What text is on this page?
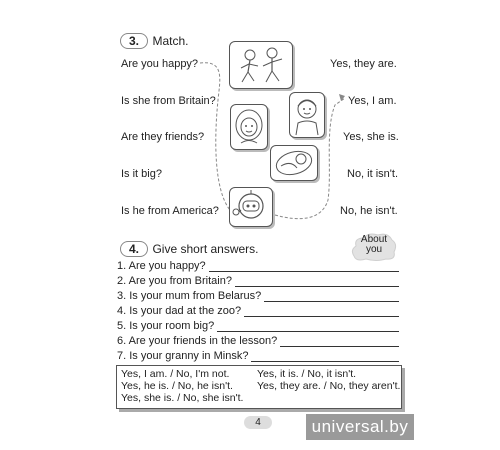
3. Match.
Are you happy?
Is she from Britain?
Are they friends?
Is it big?
Is he from America?
Yes, they are.
Yes, I am.
Yes, she is.
No, it isn't.
No, he isn't.
4. Give short answers.
About
you
1. Are you happy?
2. Are you from Britain?
3. Is your mum from Belarus?
4. Is your dad at the zoo?
5. Is your room big?
6. Are your friends in the lesson?
7. Is your granny in Minsk?
Yes, I am. / No, I'm not.	Yes, it is. / No, it isn't.
Yes, he is. / No, he isn't. Yes, they are. / No, they aren't.
Yes, she is. / No, she isn't.
4	universal.by
